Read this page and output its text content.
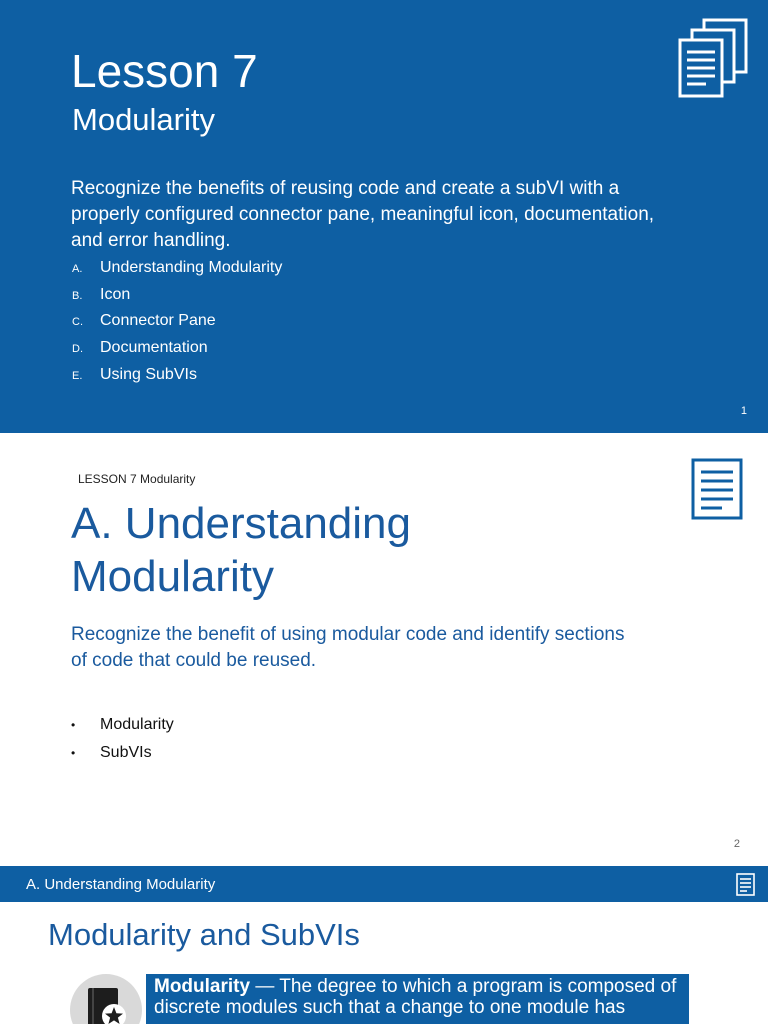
Lesson 7
Modularity
Recognize the benefits of reusing code and create a subVI with a properly configured connector pane, meaningful icon, documentation, and error handling.
A.	Understanding Modularity
B.	Icon
C.	Connector Pane
D.	Documentation
E.	Using SubVIs
1
LESSON 7 Modularity
A. Understanding Modularity
Recognize the benefit of using modular code and identify sections of code that could be reused.
•	Modularity
•	SubVIs
2
A. Understanding Modularity
Modularity and SubVIs
Modularity — The degree to which a program is composed of discrete modules such that a change to one module has
